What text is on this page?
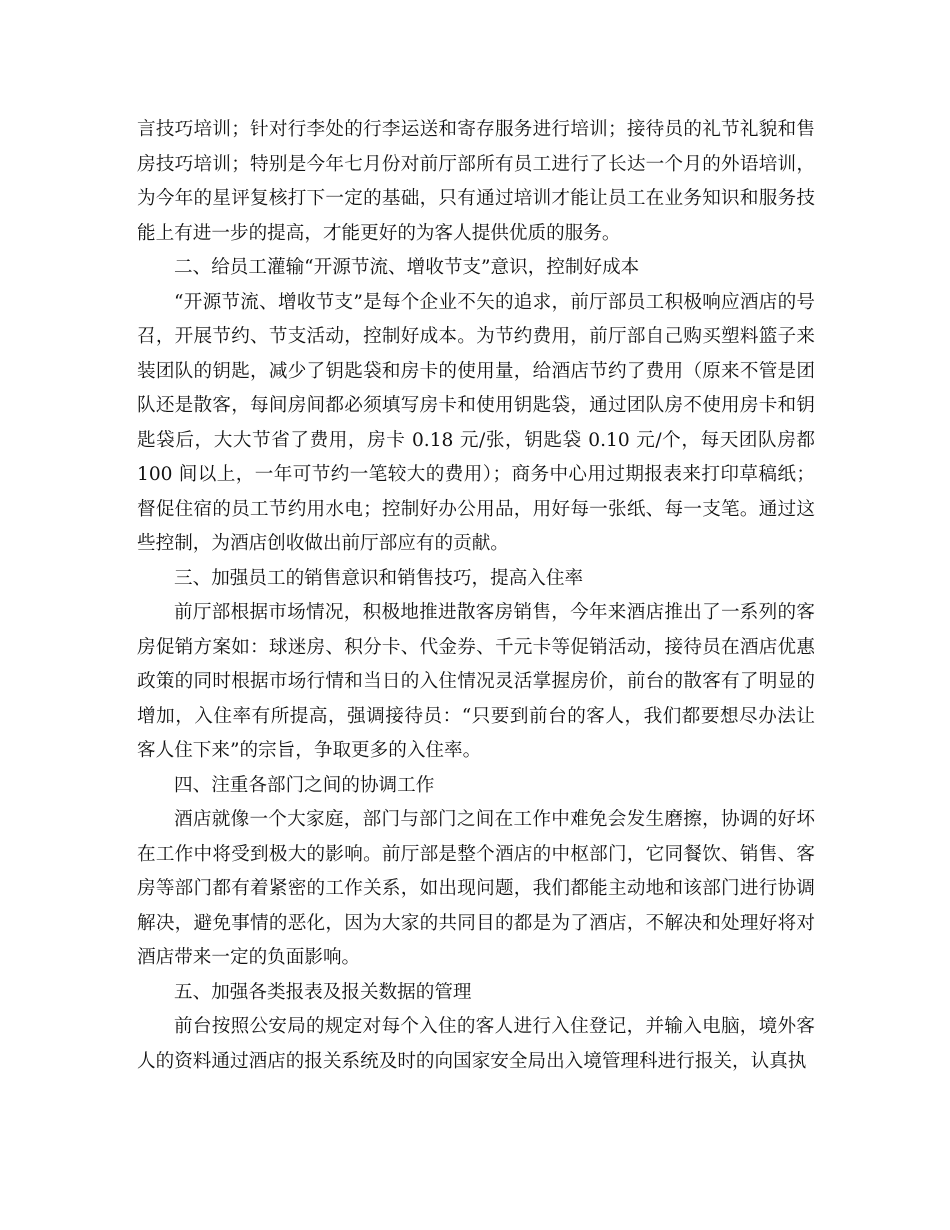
言技巧培训；针对行李处的行李运送和寄存服务进行培训；接待员的礼节礼貌和售房技巧培训；特别是今年七月份对前厅部所有员工进行了长达一个月的外语培训，为今年的星评复核打下一定的基础，只有通过培训才能让员工在业务知识和服务技能上有进一步的提高，才能更好的为客人提供优质的服务。

二、给员工灌输“开源节流、增收节支”意识，控制好成本

“开源节流、增收节支”是每个企业不矢的追求，前厅部员工积极响应酒店的号召，开展节约、节支活动，控制好成本。为节约费用，前厅部自己购买塑料篮子来装团队的钥匙，减少了钥匙袋和房卡的使用量，给酒店节约了费用（原来不管是团队还是散客，每间房间都必须填写房卡和使用钥匙袋，通过团队房不使用房卡和钥匙袋后，大大节省了费用，房卡 0.18 元/张，钥匙袋 0.10 元/个，每天团队房都 100 间以上，一年可节约一笔较大的费用）；商务中心用过期报表来打印草稿纸；督促住宿的员工节约用水电；控制好办公用品，用好每一张纸、每一支笔。通过这些控制，为酒店创收做出前厅部应有的贡献。

三、加强员工的销售意识和销售技巧，提高入住率

前厅部根据市场情况，积极地推进散客房销售，今年来酒店推出了一系列的客房促销方案如：球迷房、积分卡、代金券、千元卡等促销活动，接待员在酒店优惠政策的同时根据市场行情和当日的入住情况灵活掌握房价，前台的散客有了明显的增加，入住率有所提高，强调接待员：“只要到前台的客人，我们都要想尽办法让客人住下来”的宗旨，争取更多的入住率。

四、注重各部门之间的协调工作

酒店就像一个大家庭，部门与部门之间在工作中难免会发生磨擦，协调的好坏在工作中将受到极大的影响。前厅部是整个酒店的中枢部门，它同餐饮、销售、客房等部门都有着紧密的工作关系，如出现问题，我们都能主动地和该部门进行协调解决，避免事情的恶化，因为大家的共同目的都是为了酒店，不解决和处理好将对酒店带来一定的负面影响。

五、加强各类报表及报关数据的管理

前台按照公安局的规定对每个入住的客人进行入住登记，并输入电脑，境外客人的资料通过酒店的报关系统及时的向国家安全局出入境管理科进行报关，认真执
